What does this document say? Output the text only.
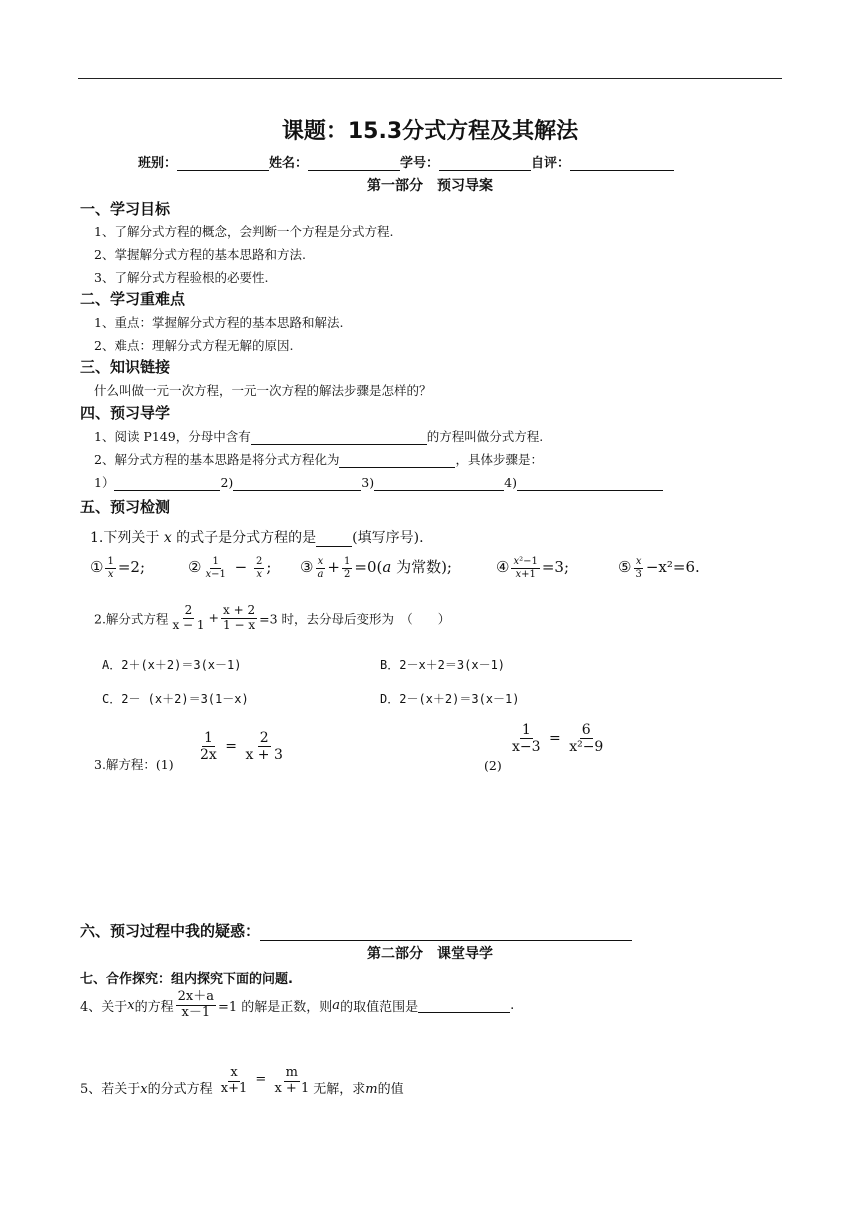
课题：15.3分式方程及其解法
班别：	姓名：	学号：	自评：
第一部分　预习导案
一、学习目标
1、了解分式方程的概念，会判断一个方程是分式方程.
2、掌握解分式方程的基本思路和方法.
3、了解分式方程验根的必要性.
二、学习重难点
1、重点：掌握解分式方程的基本思路和解法.
2、难点：理解分式方程无解的原因.
三、知识链接
什么叫做一元一次方程，一元一次方程的解法步骤是怎样的？
四、预习导学
1、阅读 P149，分母中含有	的方程叫做分式方程.
2、解分式方程的基本思路是将分式方程化为	，具体步骤是：
1）	2)	3)	4)
五、预习检测
1.下列关于 x 的式子是分式方程的是	(填写序号).
① $\frac{1}{x} =2$;	② $\frac{1}{x-1} - \frac{2}{x}$ ; ③ $\frac{x}{a} + \frac{1}{2} =0(a$ 为常数);	④ $\frac{\text{x²−1}}{x+1} =3$;	⑤ $\frac{x}{3} -x^2=6$.
2.解分式方程 $\frac{2}{x - 1} + \frac{x + 2}{1 - x} =3$ 时，去分母后变形为　（　　）
A．2＋(x＋2)＝3(x－1)	B．2－x＋2＝3(x－1)
C．2－ (x＋2)＝3(1－x)	D．2－(x＋2)＝3(x－1)
3.解方程：(1)
$\frac{1}{2x} = \frac{2}{x + 3}$
(2)
$\frac{1}{x-3} = \frac{6}{\text{x²−9}}$
六、预习过程中我的疑惑：
第二部分　课堂导学
七、合作探究：组内探究下面的问题.
4、关于x的方程 $\frac{2x+a}{x-1} =1$ 的解是正数，则a的取值范围是	.
5、若关于x的分式方程 $\frac{x}{x+1} = \frac{m}{x + 1}$ 无解，求m的值
